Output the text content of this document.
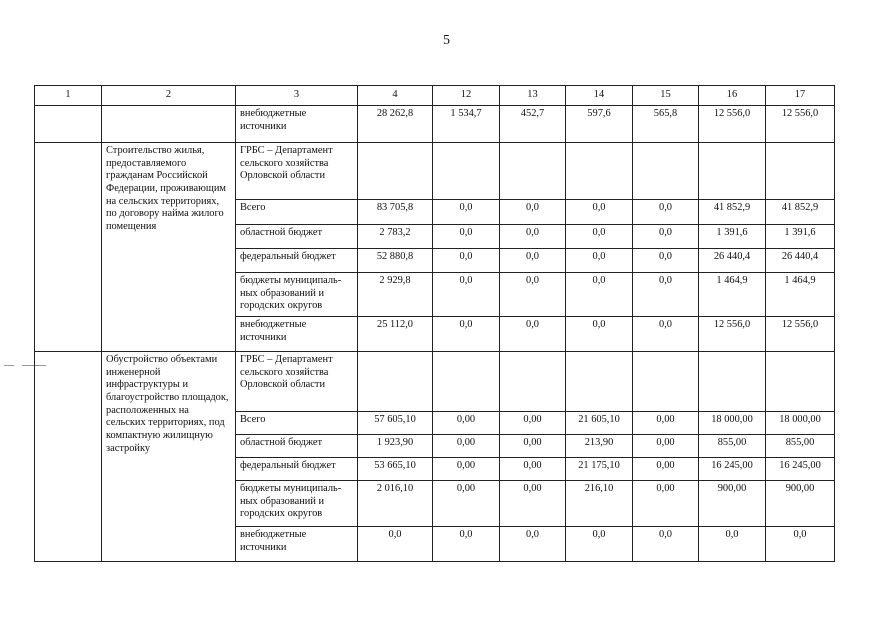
5
1	2	3	4	12	13	14	15	16	17
		внебюджетные источники	28 262,8	1 534,7	452,7	597,6	565,8	12 556,0	12 556,0
	Строительство жилья, предоставляемого гражданам Российской Федерации, проживающим на сельских территориях, по договору найма жилого помещения	ГРБС – Департамент сельского хозяйства Орловской области							
		Всего	83 705,8	0,0	0,0	0,0	0,0	41 852,9	41 852,9
		областной бюджет	2 783,2	0,0	0,0	0,0	0,0	1 391,6	1 391,6
		федеральный бюджет	52 880,8	0,0	0,0	0,0	0,0	26 440,4	26 440,4
		бюджеты муниципаль-ных образований и городских округов	2 929,8	0,0	0,0	0,0	0,0	1 464,9	1 464,9
		внебюджетные источники	25 112,0	0,0	0,0	0,0	0,0	12 556,0	12 556,0
	Обустройство объектами инженерной инфраструктуры и благоустройство площадок, расположенных на сельских территориях, под компактную жилищную застройку	ГРБС – Департамент сельского хозяйства Орловской области							
		Всего	57 605,10	0,00	0,00	21 605,10	0,00	18 000,00	18 000,00
		областной бюджет	1 923,90	0,00	0,00	213,90	0,00	855,00	855,00
		федеральный бюджет	53 665,10	0,00	0,00	21 175,10	0,00	16 245,00	16 245,00
		бюджеты муниципаль-ных образований и городских округов	2 016,10	0,00	0,00	216,10	0,00	900,00	900,00
		внебюджетные источники	0,0	0,0	0,0	0,0	0,0	0,0	0,0
